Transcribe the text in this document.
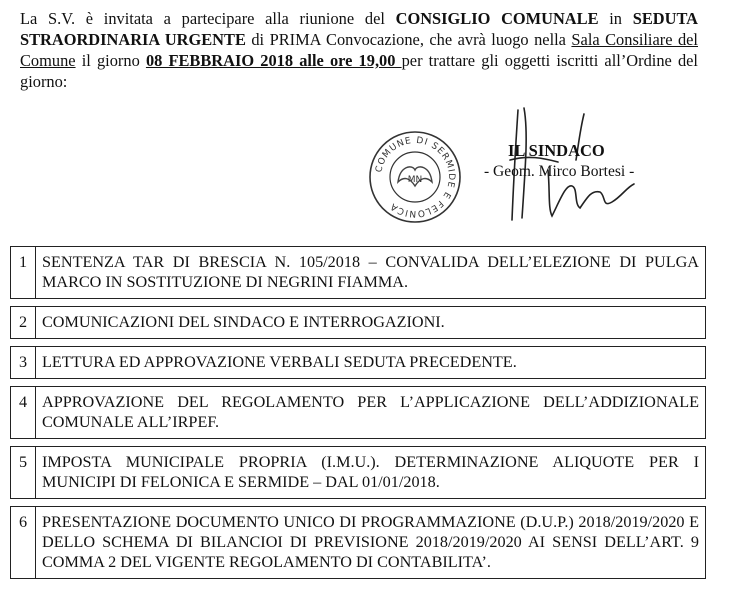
La S.V. è invitata a partecipare alla riunione del CONSIGLIO COMUNALE in SEDUTA STRAORDINARIA URGENTE di PRIMA Convocazione, che avrà luogo nella Sala Consiliare del Comune il giorno 08 FEBBRAIO 2018 alle ore 19,00 per trattare gli oggetti iscritti all’Ordine del giorno:
COMUNE DI SERMIDE E FELONICA
MN
IL SINDACO
- Geom. Mirco Bortesi -
1	SENTENZA TAR DI BRESCIA N. 105/2018 – CONVALIDA DELL’ELEZIONE DI PULGA MARCO IN SOSTITUZIONE DI NEGRINI FIAMMA.

2	COMUNICAZIONI DEL SINDACO E INTERROGAZIONI.

3	LETTURA ED APPROVAZIONE VERBALI SEDUTA PRECEDENTE.

4	APPROVAZIONE DEL REGOLAMENTO PER L’APPLICAZIONE DELL’ADDIZIONALE COMUNALE ALL’IRPEF.

5	IMPOSTA MUNICIPALE PROPRIA (I.M.U.). DETERMINAZIONE ALIQUOTE PER I MUNICIPI DI FELONICA E SERMIDE – DAL 01/01/2018.

6	PRESENTAZIONE DOCUMENTO UNICO DI PROGRAMMAZIONE (D.U.P.) 2018/2019/2020 E DELLO SCHEMA DI BILANCIOI DI PREVISIONE 2018/2019/2020 AI SENSI DELL’ART. 9 COMMA 2 DEL VIGENTE REGOLAMENTO DI CONTABILITA’.
